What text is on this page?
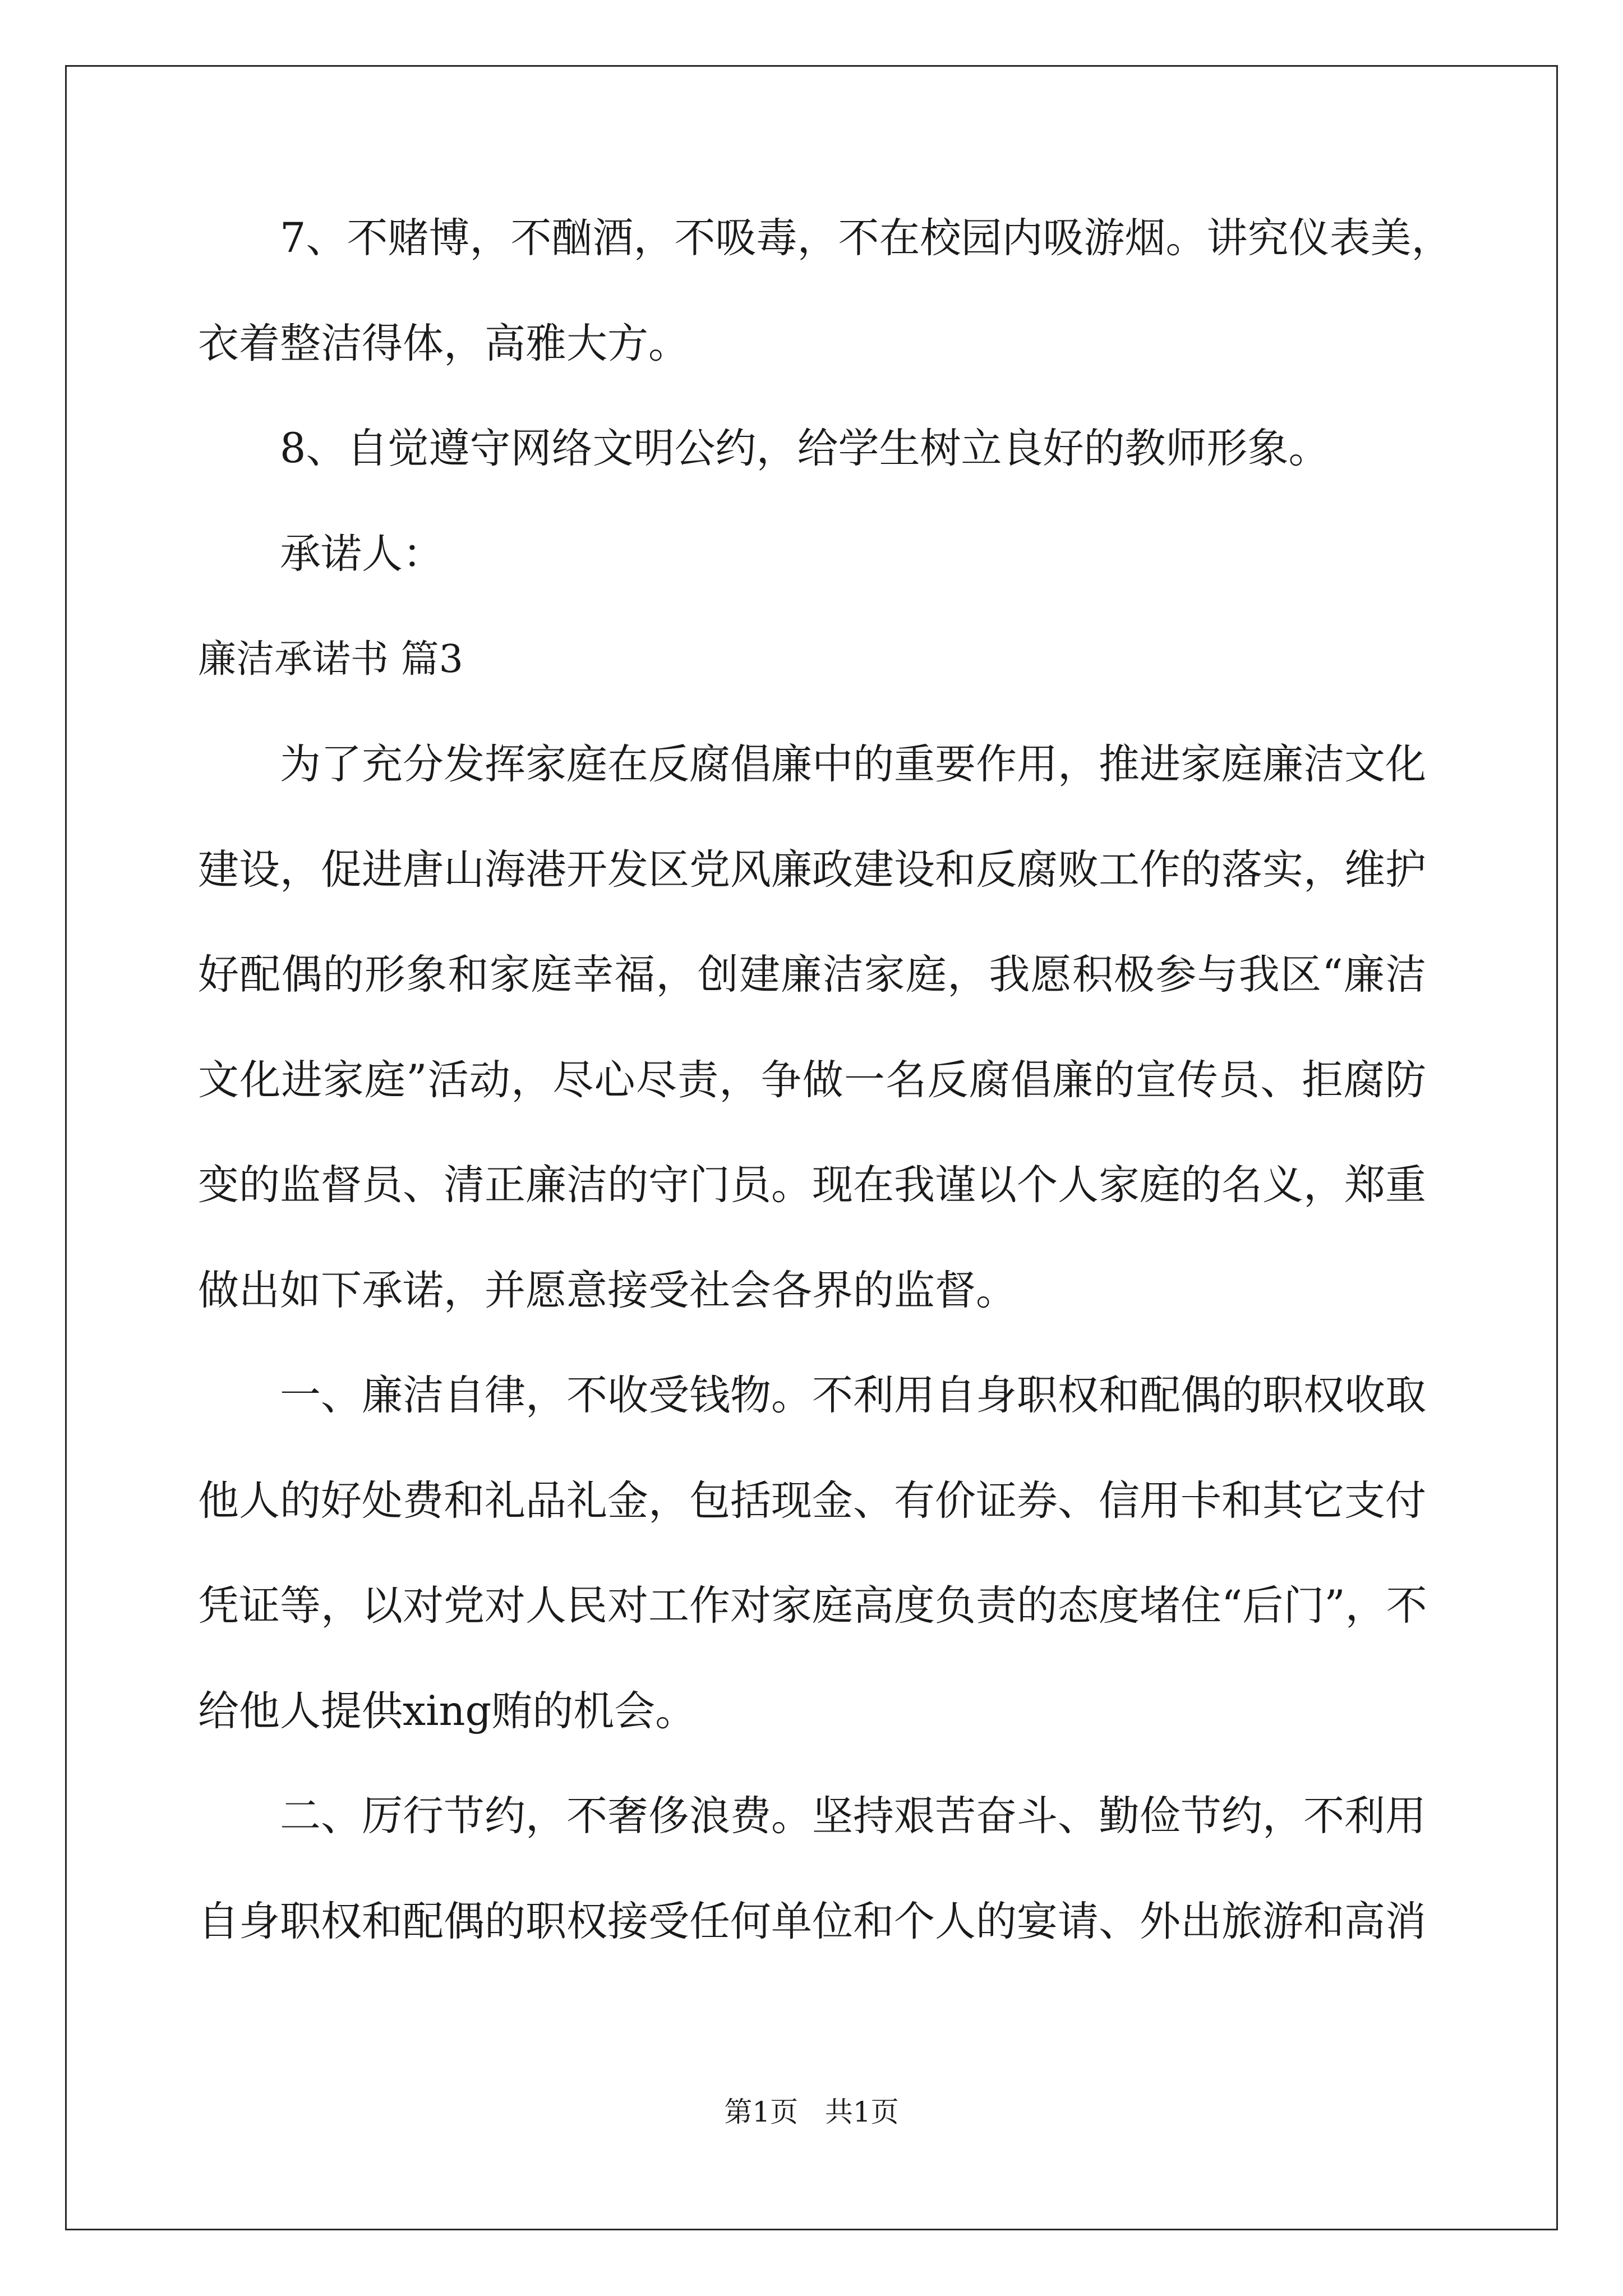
7、不赌博，不酗酒，不吸毒，不在校园内吸游烟。讲究仪表美，
衣着整洁得体，高雅大方。
8、自觉遵守网络文明公约，给学生树立良好的教师形象。
承诺人：
廉洁承诺书 篇3
为了充分发挥家庭在反腐倡廉中的重要作用，推进家庭廉洁文化
建设，促进唐山海港开发区党风廉政建设和反腐败工作的落实，维护
好配偶的形象和家庭幸福，创建廉洁家庭，我愿积极参与我区“廉洁
文化进家庭”活动，尽心尽责，争做一名反腐倡廉的宣传员、拒腐防
变的监督员、清正廉洁的守门员。现在我谨以个人家庭的名义，郑重
做出如下承诺，并愿意接受社会各界的监督。
一、廉洁自律，不收受钱物。不利用自身职权和配偶的职权收取
他人的好处费和礼品礼金，包括现金、有价证券、信用卡和其它支付
凭证等，以对党对人民对工作对家庭高度负责的态度堵住“后门”，不
给他人提供xing贿的机会。
二、厉行节约，不奢侈浪费。坚持艰苦奋斗、勤俭节约，不利用
自身职权和配偶的职权接受任何单位和个人的宴请、外出旅游和高消
第1页   共1页
